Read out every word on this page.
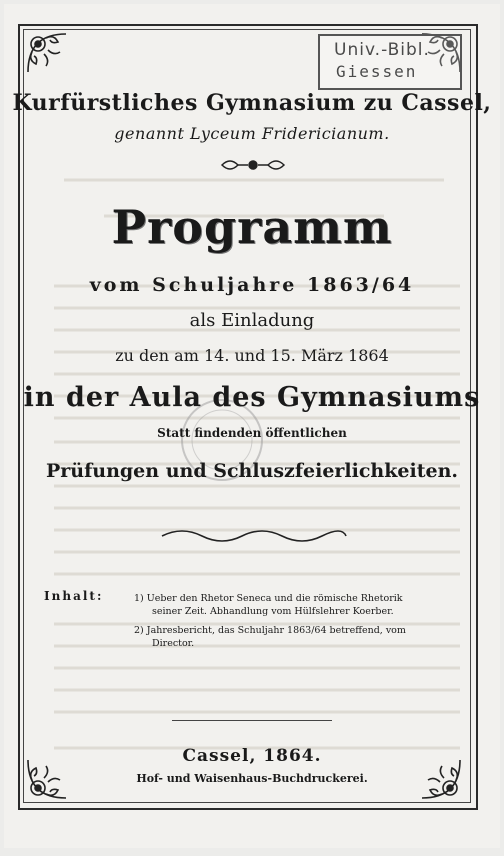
Univ.-Bibl.
Giessen
Kurfürstliches Gymnasium zu Cassel,
genannt Lyceum Fridericianum.
Programm
vom Schuljahre 1863/64
als Einladung
zu den am 14. und 15. März 1864
in der Aula des Gymnasiums
Statt findenden öffentlichen
Prüfungen und Schluszfeierlichkeiten.
Inhalt:	1) Ueber den Rhetor Seneca und die römische Rhetorik
seiner Zeit. Abhandlung vom Hülfslehrer Koerber.
2) Jahresbericht, das Schuljahr 1863/64 betreffend, vom
Director.
Cassel, 1864.
Hof- und Waisenhaus-Buchdruckerei.
